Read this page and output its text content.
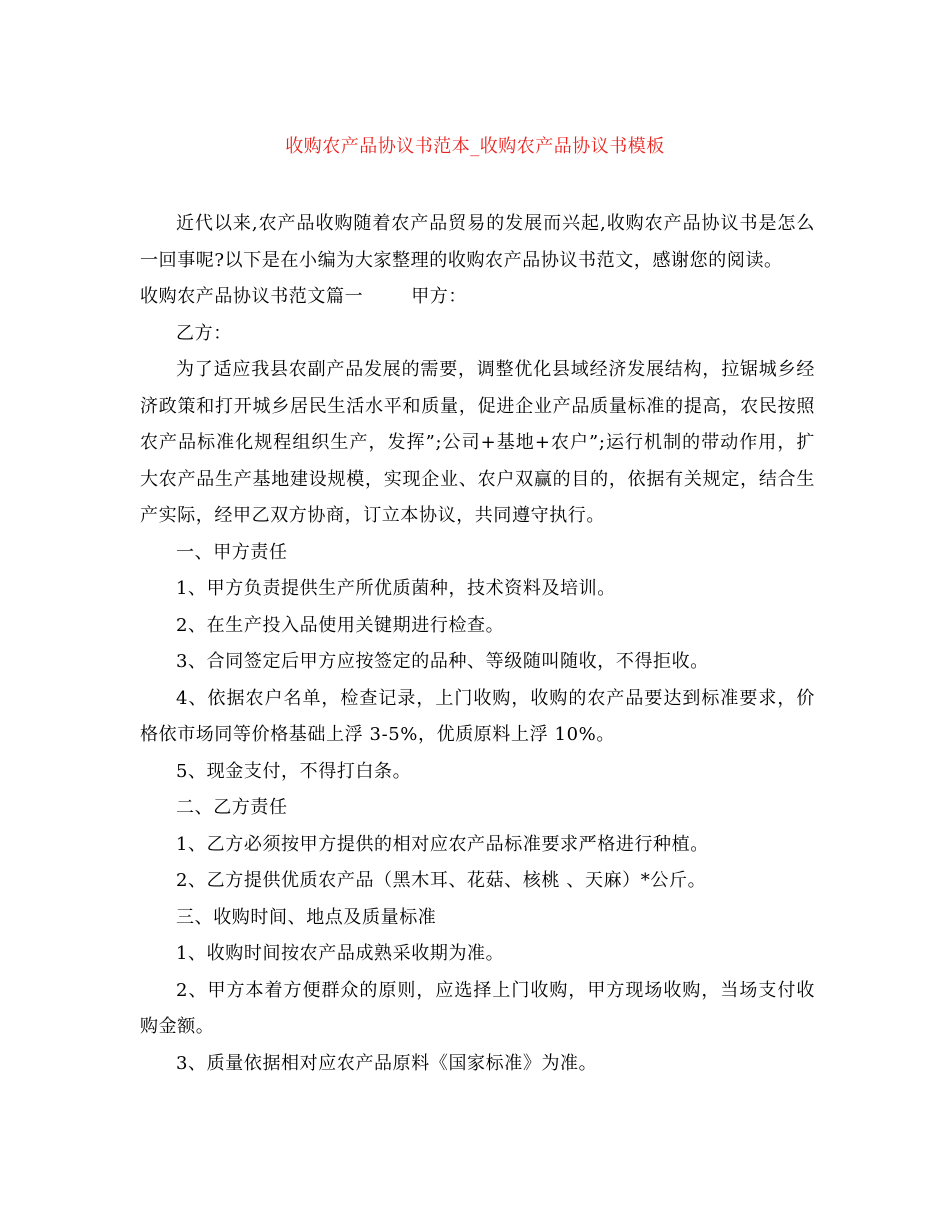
收购农产品协议书范本_收购农产品协议书模板

近代以来,农产品收购随着农产品贸易的发展而兴起,收购农产品协议书是怎么一回事呢?以下是在小编为大家整理的收购农产品协议书范文，感谢您的阅读。

收购农产品协议书范文篇一	甲方：

乙方：

为了适应我县农副产品发展的需要，调整优化县域经济发展结构，拉锯城乡经济政策和打开城乡居民生活水平和质量，促进企业产品质量标准的提高，农民按照农产品标准化规程组织生产，发挥”;公司+基地+农户”;运行机制的带动作用，扩大农产品生产基地建设规模，实现企业、农户双赢的目的，依据有关规定，结合生产实际，经甲乙双方协商，订立本协议，共同遵守执行。

一、甲方责任

1、甲方负责提供生产所优质菌种，技术资料及培训。

2、在生产投入品使用关键期进行检查。

3、合同签定后甲方应按签定的品种、等级随叫随收，不得拒收。

4、依据农户名单，检查记录，上门收购，收购的农产品要达到标准要求，价格依市场同等价格基础上浮 3-5%，优质原料上浮 10%。

5、现金支付，不得打白条。

二、乙方责任

1、乙方必须按甲方提供的相对应农产品标准要求严格进行种植。

2、乙方提供优质农产品（黑木耳、花菇、核桃 、天麻）*公斤。

三、收购时间、地点及质量标准

1、收购时间按农产品成熟采收期为准。

2、甲方本着方便群众的原则，应选择上门收购，甲方现场收购，当场支付收购金额。

3、质量依据相对应农产品原料《国家标准》为准。
